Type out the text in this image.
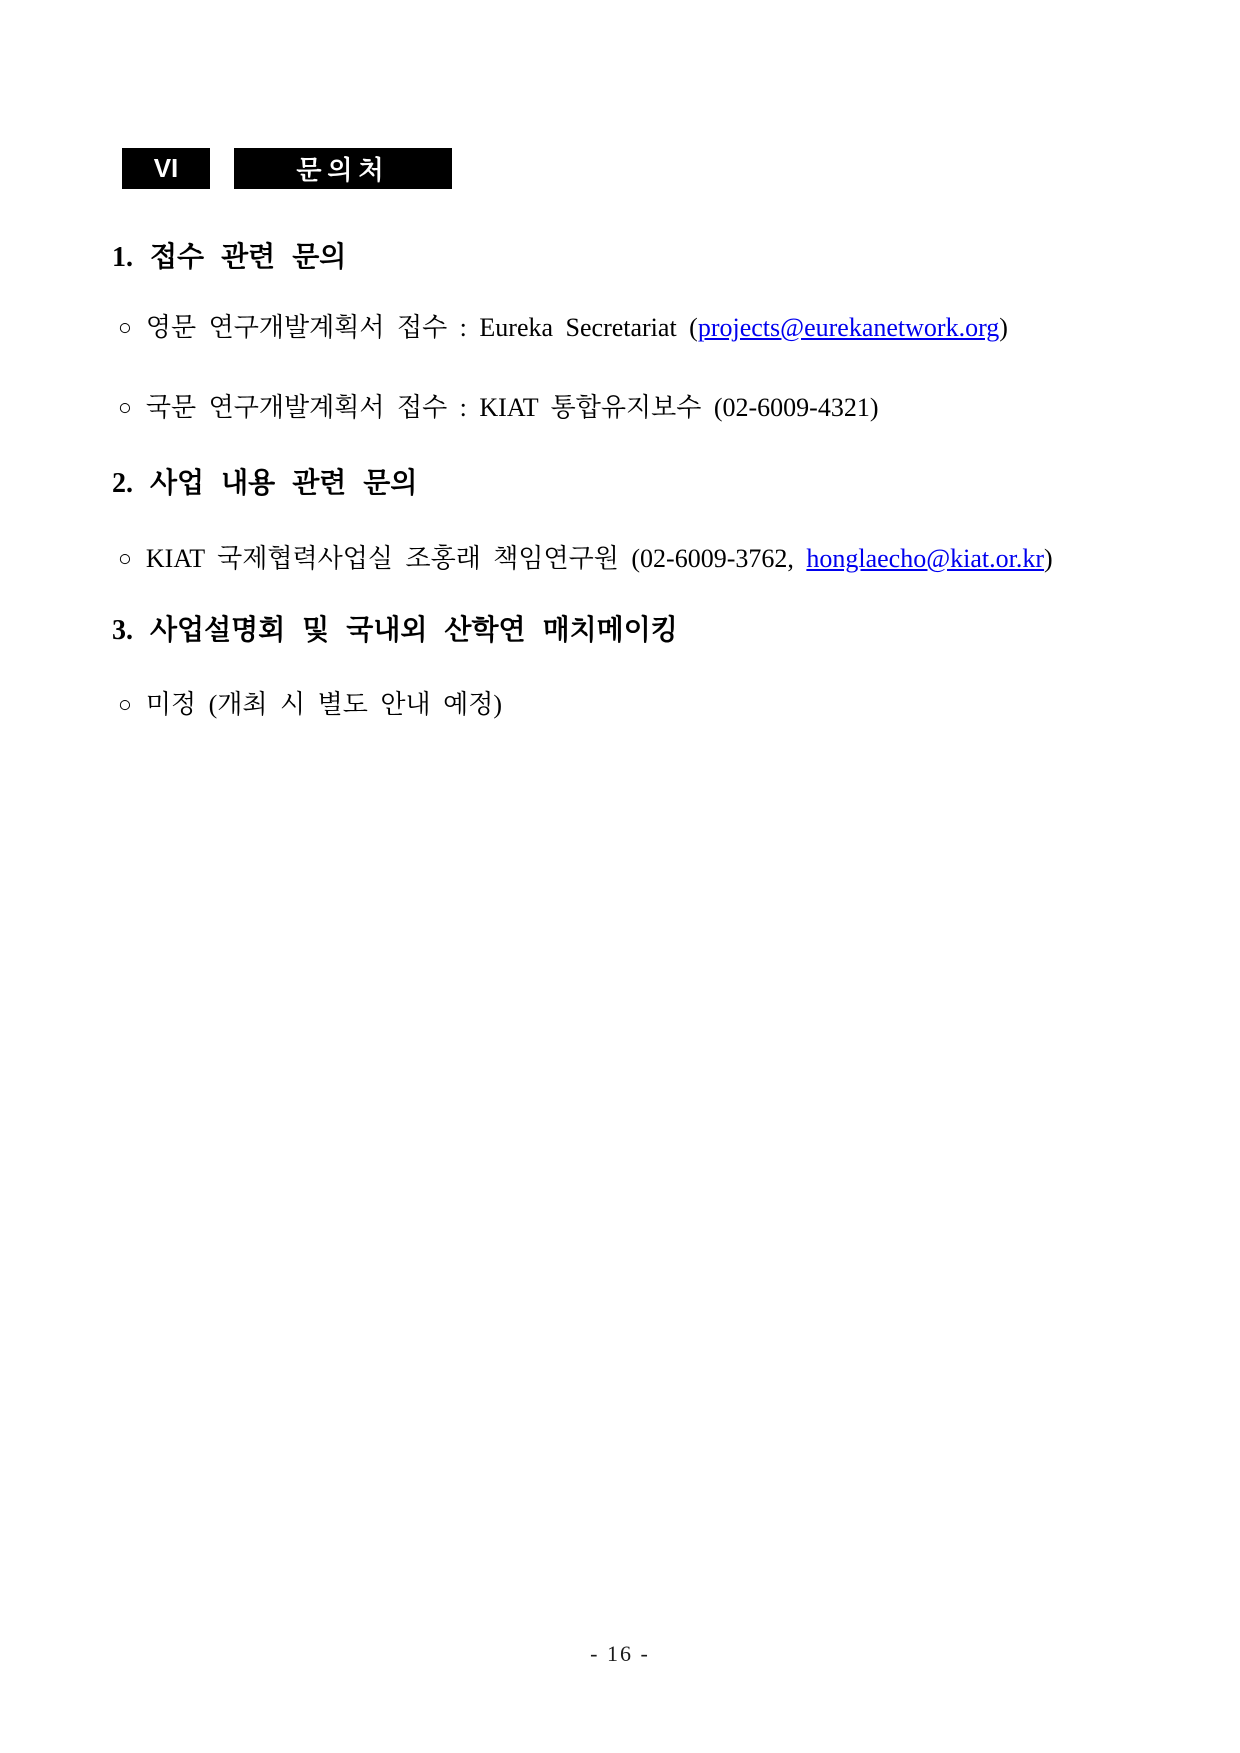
VI	문의처
1. 접수 관련 문의
○ 영문 연구개발계획서 접수 : Eureka Secretariat (projects@eurekanetwork.org)
○ 국문 연구개발계획서 접수 : KIAT 통합유지보수 (02-6009-4321)
2. 사업 내용 관련 문의
○ KIAT 국제협력사업실 조홍래 책임연구원 (02-6009-3762, honglaecho@kiat.or.kr)
3. 사업설명회 및 국내외 산학연 매치메이킹
○ 미정 (개최 시 별도 안내 예정)
- 16 -
